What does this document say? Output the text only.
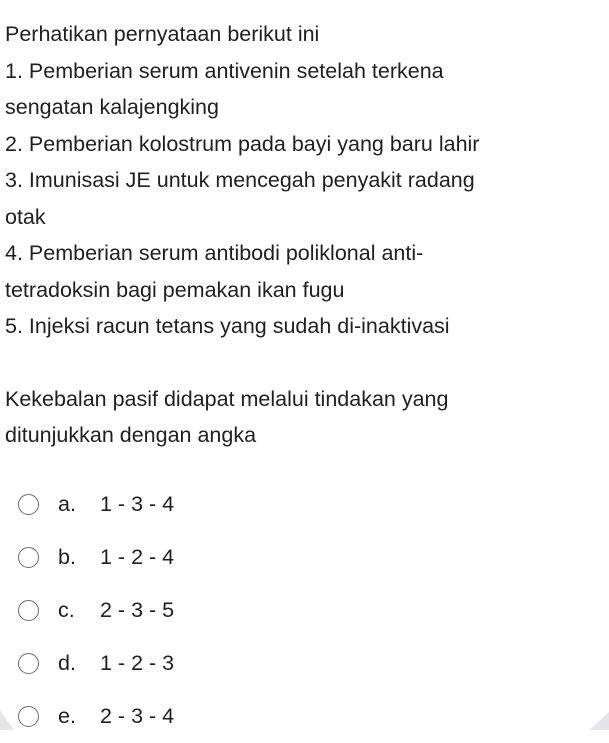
Perhatikan pernyataan berikut ini

1. Pemberian serum antivenin setelah terkena

sengatan kalajengking

2. Pemberian kolostrum pada bayi yang baru lahir

3. Imunisasi JE untuk mencegah penyakit radang

otak

4. Pemberian serum antibodi poliklonal anti-

tetradoksin bagi pemakan ikan fugu

5. Injeksi racun tetans yang sudah di-inaktivasi

Kekebalan pasif didapat melalui tindakan yang

ditunjukkan dengan angka

a. 1 - 3 - 4
b. 1 - 2 - 4
c. 2 - 3 - 5
d. 1 - 2 - 3
e. 2 - 3 - 4
